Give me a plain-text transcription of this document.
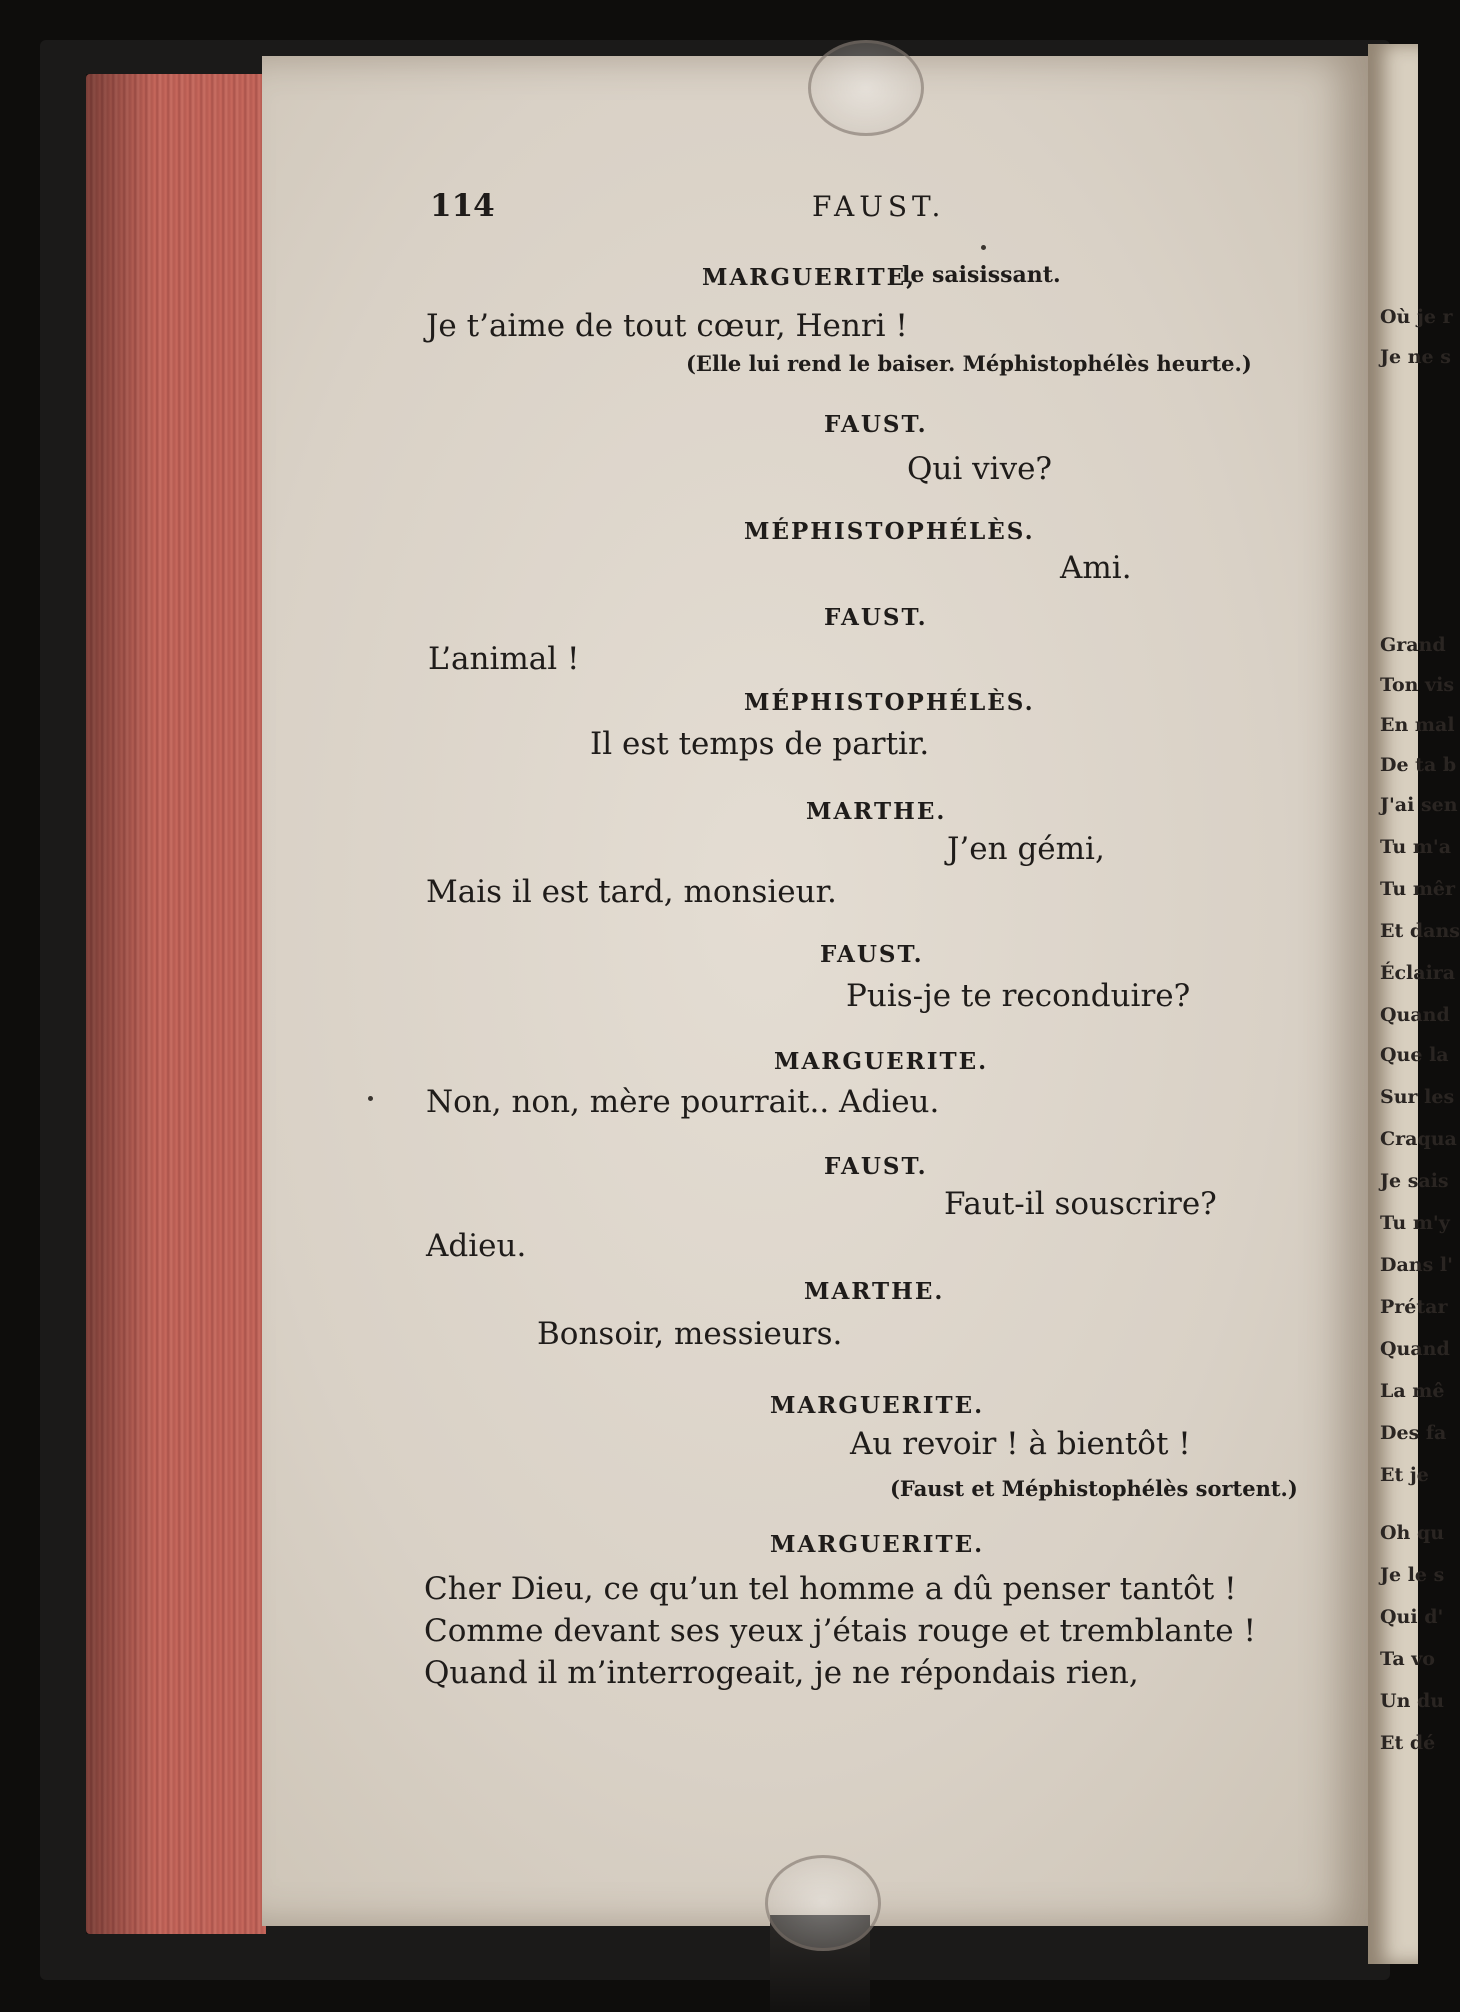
114	FAUST.
MARGUERITE,
le saisissant.
Je t’aime de tout cœur, Henri !
(Elle lui rend le baiser. Méphistophélès heurte.)
FAUST.
Qui vive?
MÉPHISTOPHÉLÈS.
Ami.
FAUST.
L’animal !
MÉPHISTOPHÉLÈS.
Il est temps de partir.
MARTHE.
J’en gémi,
Mais il est tard, monsieur.
FAUST.
Puis-je te reconduire?
MARGUERITE.
Non, non, mère pourrait.. Adieu.
FAUST.
Faut-il souscrire?
Adieu.
MARTHE.
Bonsoir, messieurs.
MARGUERITE.
Au revoir ! à bientôt !
(Faust et Méphistophélès sortent.)
MARGUERITE.
Cher Dieu, ce qu’un tel homme a dû penser tantôt !
Comme devant ses yeux j’étais rouge et tremblante !
Quand il m’interrogeait, je ne répondais rien,
Où je r
Je ne s
Grand
Ton vis
En mal
De ta b
J'ai sen
Tu m'a
Tu mêr
Et dans
Éclaira
Quand
Que la
Sur les
Craqua
Je sais
Tu m'y
Dans l'
Prétar
Quand
La mê
Des fa
Et je
Oh qu
Je le s
Qui d'
Ta vo
Un du
Et dé
